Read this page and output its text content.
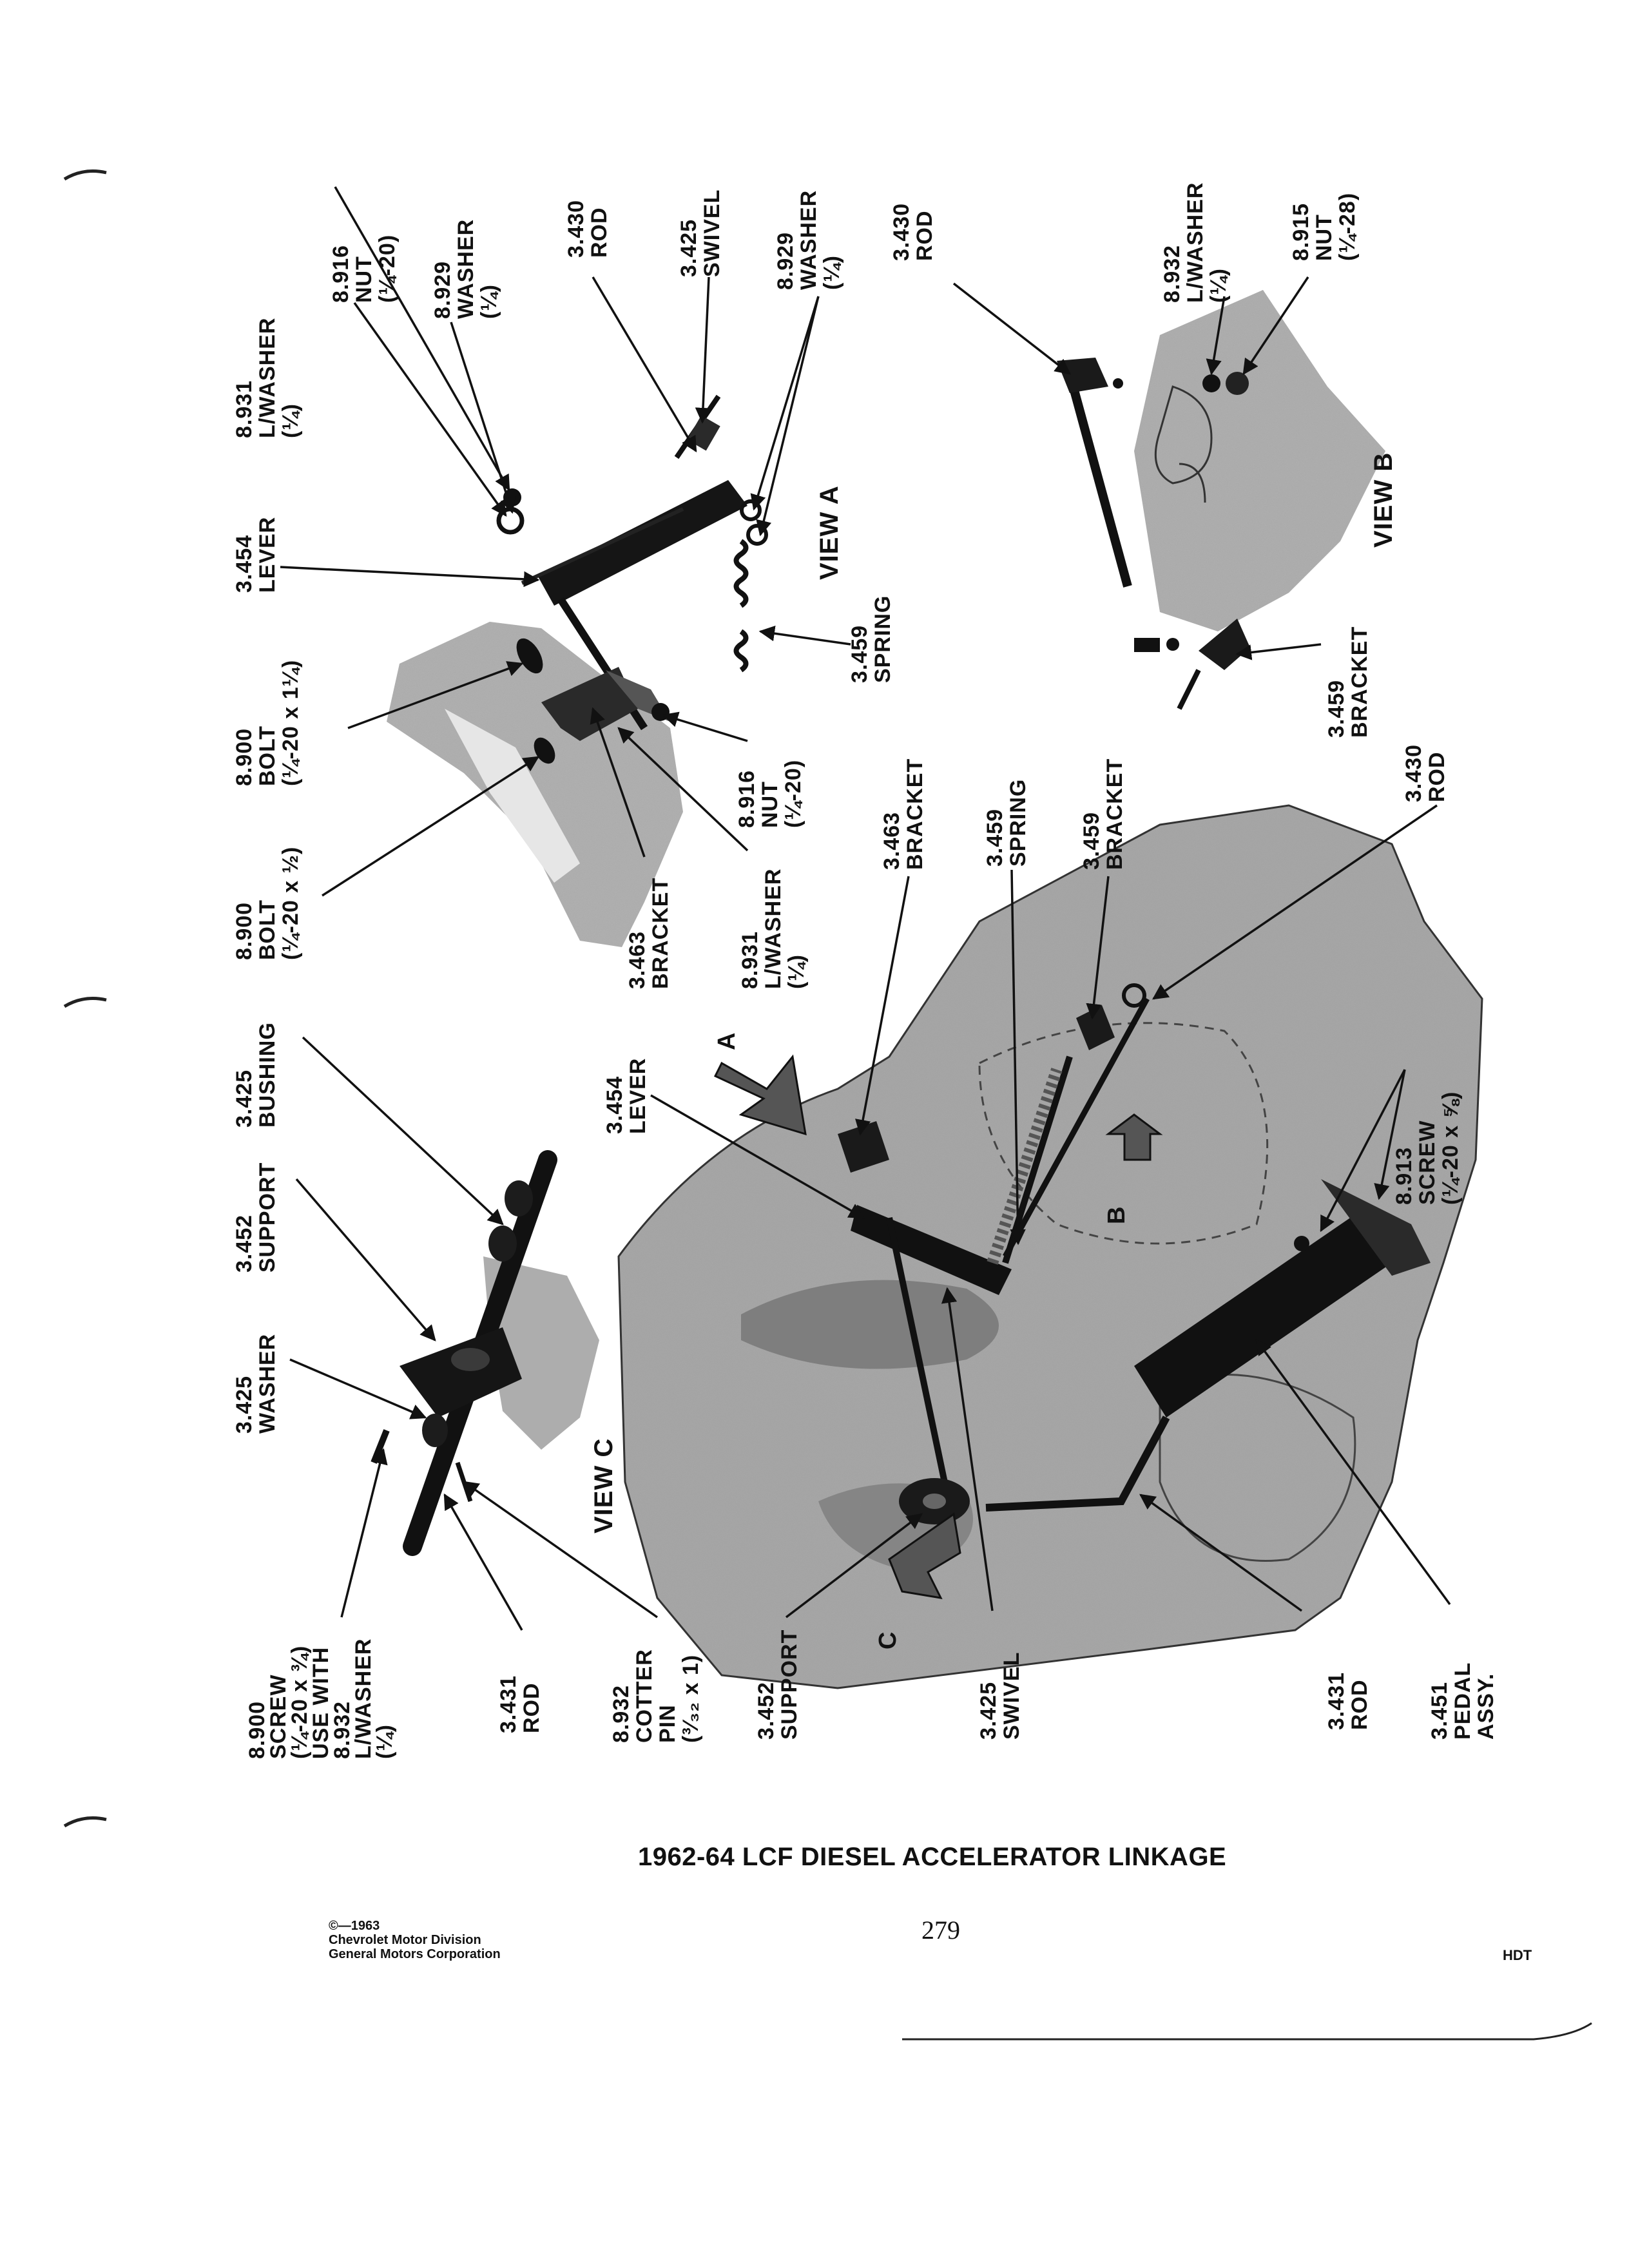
8.916NUT(¼-20) 8.929WASHER(¼)
8.931L/WASHER(¼)
3.430ROD	3.425SWIVEL 8.929WASHER(¼)
3.454LEVER
3.459SPRING
8.900BOLT(¼-20 x 1¼)
8.916NUT(¼-20)
8.900BOLT(¼-20 x ½)	8.931L/WASHER(¼)
3.463BRACKET
3.430ROD
8.932L/WASHER(¼)
8.915NUT(¼-28)
3.459BRACKET
3.463BRACKET	3.459SPRING 3.459BRACKET	3.430ROD
8.913SCREW(¼-20 x ⅝)
3.454LEVER
3.425BUSHING
3.452SUPPORT
3.425WASHER
8.900SCREW(¼-20 x ¾)USE WITH8.932L/WASHER(¼)
3.431ROD	8.932COTTERPIN(³⁄₃₂ x 1) 3.452SUPPORT	3.425SWIVEL	3.431ROD	3.451PEDALASSY.
VIEW A	VIEW B
VIEW C
A
B
C
1962-64 LCF DIESEL ACCELERATOR LINKAGE
279
©—1963
Chevrolet Motor Division
General Motors Corporation	HDT
